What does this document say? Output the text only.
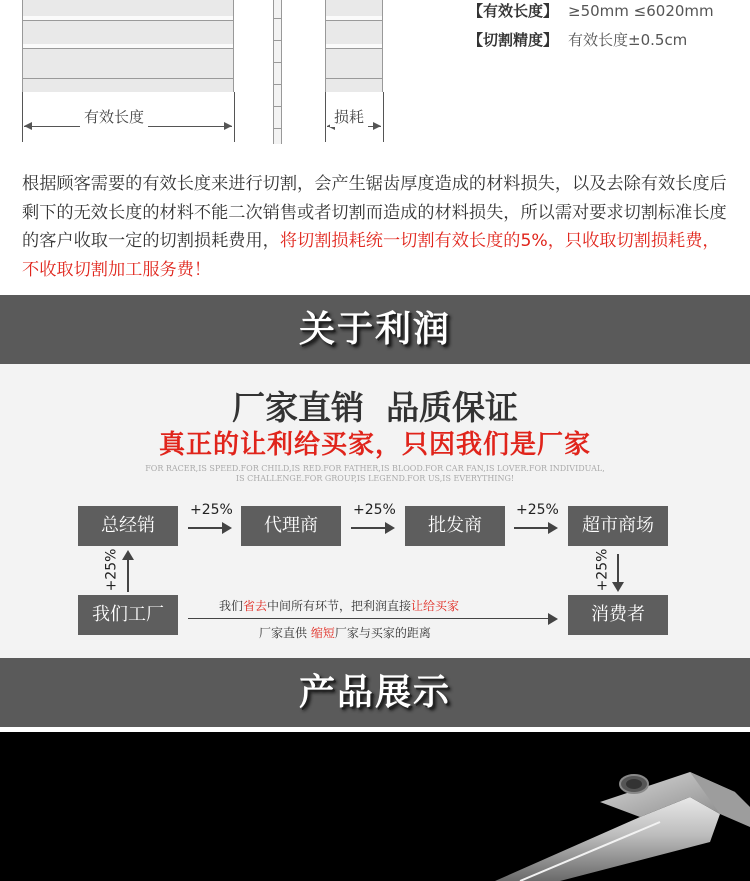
有效长度	损耗
【有效长度】 ≥50mm ≤6020mm
【切割精度】 有效长度±0.5cm
根据顾客需要的有效长度来进行切割，会产生锯齿厚度造成的材料损失，以及去除有效长度后剩下的无效长度的材料不能二次销售或者切割而造成的材料损失，所以需对要求切割标准长度的客户收取一定的切割损耗费用，将切割损耗统一切割有效长度的5%，只收取切割损耗费，不收取切割加工服务费！
关于利润
厂家直销 品质保证
真正的让利给买家，只因我们是厂家
FOR RACER,IS SPEED.FOR CHILD,IS RED.FOR FATHER,IS BLOOD.FOR CAR FAN,IS LOVER.FOR INDIVIDUAL,
IS CHALLENGE.FOR GROUP,IS LEGEND.FOR US,IS EVERYTHING!
总经销	代理商	批发商	超市商场
+25%	+25%	+25%
+25%	+25%
我们工厂	消费者
我们省去中间所有环节，把利润直接让给买家
厂家直供 缩短厂家与买家的距离
产品展示
